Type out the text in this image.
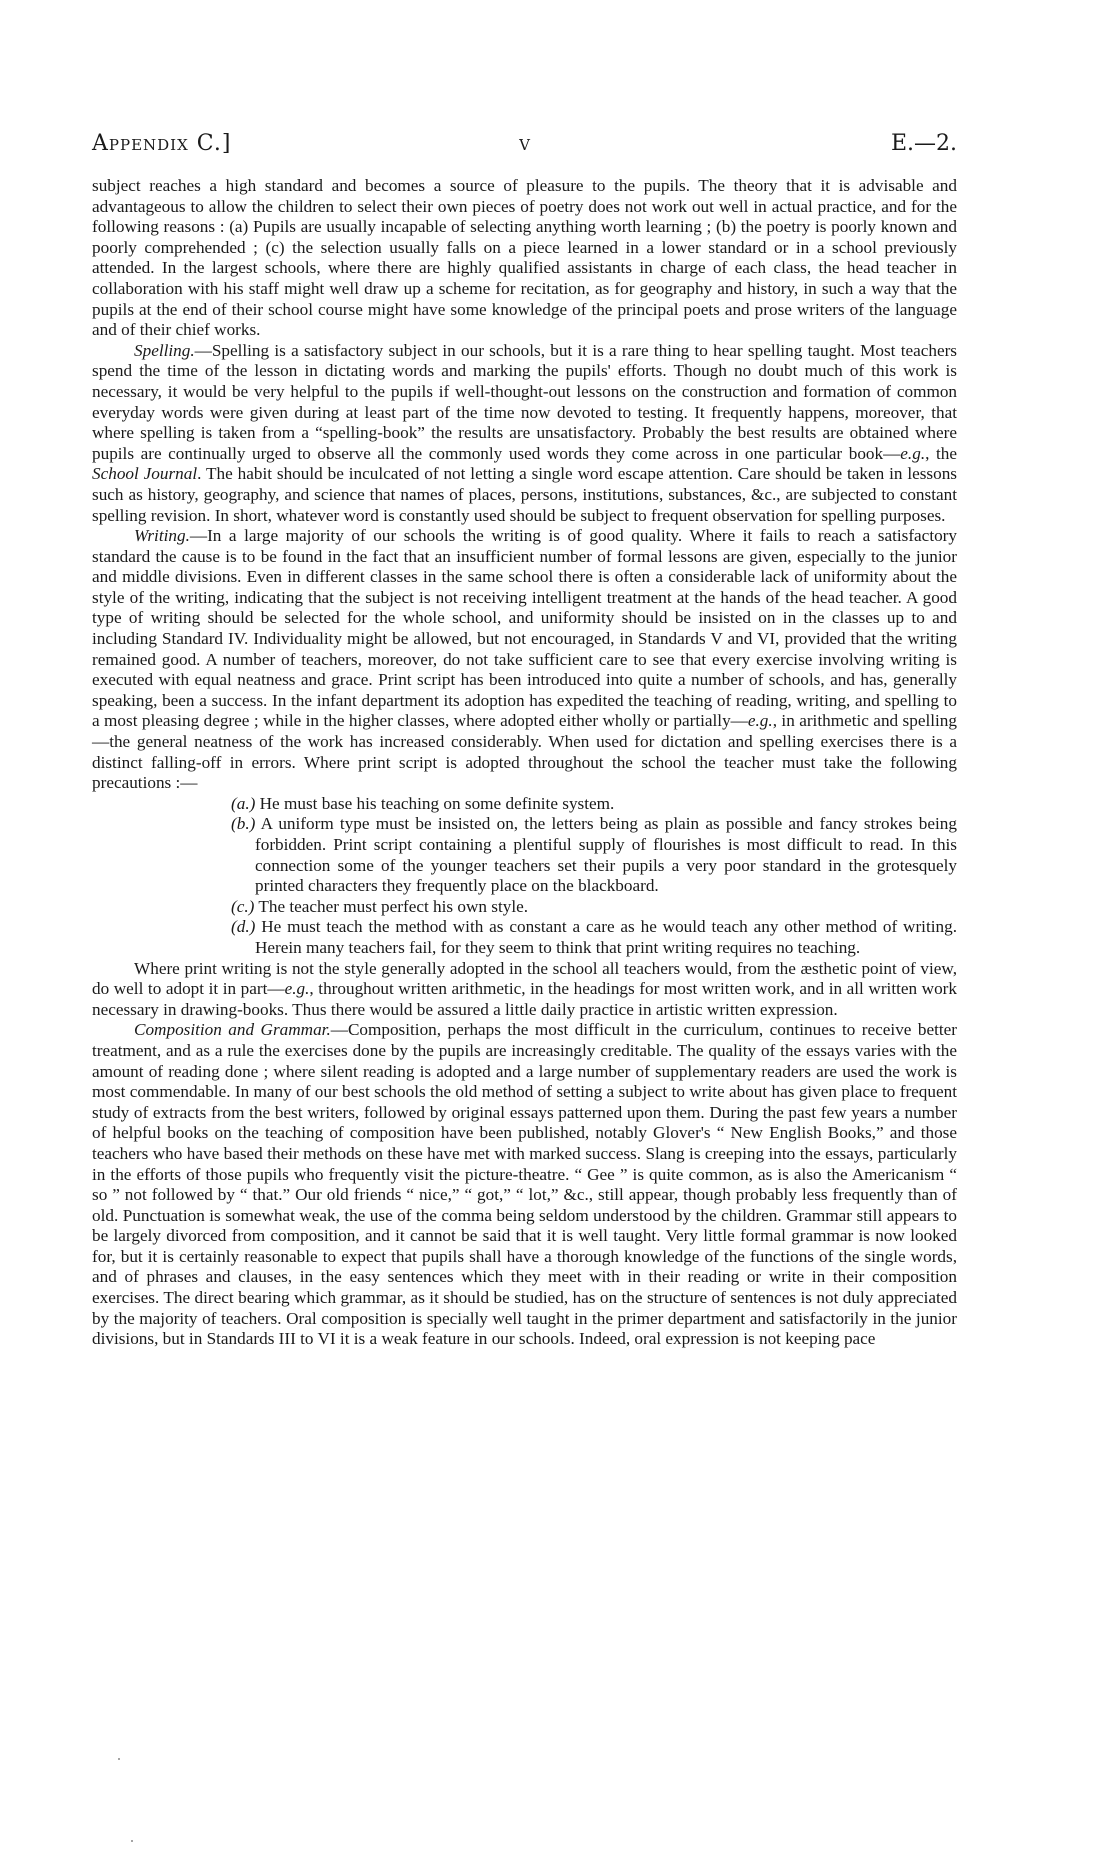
Appendix C.]	v	E.—2.

subject reaches a high standard and becomes a source of pleasure to the pupils. The theory that it is advisable and advantageous to allow the children to select their own pieces of poetry does not work out well in actual practice, and for the following reasons : (a) Pupils are usually incapable of selecting anything worth learning ; (b) the poetry is poorly known and poorly comprehended ; (c) the selection usually falls on a piece learned in a lower standard or in a school previously attended. In the largest schools, where there are highly qualified assistants in charge of each class, the head teacher in collaboration with his staff might well draw up a scheme for recitation, as for geography and history, in such a way that the pupils at the end of their school course might have some knowledge of the principal poets and prose writers of the language and of their chief works.

Spelling.—Spelling is a satisfactory subject in our schools, but it is a rare thing to hear spelling taught. Most teachers spend the time of the lesson in dictating words and marking the pupils' efforts. Though no doubt much of this work is necessary, it would be very helpful to the pupils if well-thought-out lessons on the construction and formation of common everyday words were given during at least part of the time now devoted to testing. It frequently happens, moreover, that where spelling is taken from a “spelling-book” the results are unsatisfactory. Probably the best results are obtained where pupils are continually urged to observe all the commonly used words they come across in one particular book—e.g., the School Journal. The habit should be inculcated of not letting a single word escape attention. Care should be taken in lessons such as history, geography, and science that names of places, persons, institutions, substances, &c., are subjected to constant spelling revision. In short, whatever word is constantly used should be subject to frequent observation for spelling purposes.

Writing.—In a large majority of our schools the writing is of good quality. Where it fails to reach a satisfactory standard the cause is to be found in the fact that an insufficient number of formal lessons are given, especially to the junior and middle divisions. Even in different classes in the same school there is often a considerable lack of uniformity about the style of the writing, indicating that the subject is not receiving intelligent treatment at the hands of the head teacher. A good type of writing should be selected for the whole school, and uniformity should be insisted on in the classes up to and including Standard IV. Individuality might be allowed, but not encouraged, in Standards V and VI, provided that the writing remained good. A number of teachers, moreover, do not take sufficient care to see that every exercise involving writing is executed with equal neatness and grace. Print script has been introduced into quite a number of schools, and has, generally speaking, been a success. In the infant department its adoption has expedited the teaching of reading, writing, and spelling to a most pleasing degree ; while in the higher classes, where adopted either wholly or partially—e.g., in arithmetic and spelling—the general neatness of the work has increased considerably. When used for dictation and spelling exercises there is a distinct falling-off in errors. Where print script is adopted throughout the school the teacher must take the following precautions :—

(a.) He must base his teaching on some definite system.
(b.) A uniform type must be insisted on, the letters being as plain as possible and fancy strokes being forbidden. Print script containing a plentiful supply of flourishes is most difficult to read. In this connection some of the younger teachers set their pupils a very poor standard in the grotesquely printed characters they frequently place on the blackboard.
(c.) The teacher must perfect his own style.
(d.) He must teach the method with as constant a care as he would teach any other method of writing. Herein many teachers fail, for they seem to think that print writing requires no teaching.

Where print writing is not the style generally adopted in the school all teachers would, from the æsthetic point of view, do well to adopt it in part—e.g., throughout written arithmetic, in the headings for most written work, and in all written work necessary in drawing-books. Thus there would be assured a little daily practice in artistic written expression.

Composition and Grammar.—Composition, perhaps the most difficult in the curriculum, continues to receive better treatment, and as a rule the exercises done by the pupils are increasingly creditable. The quality of the essays varies with the amount of reading done ; where silent reading is adopted and a large number of supplementary readers are used the work is most commendable. In many of our best schools the old method of setting a subject to write about has given place to frequent study of extracts from the best writers, followed by original essays patterned upon them. During the past few years a number of helpful books on the teaching of composition have been published, notably Glover's “ New English Books,” and those teachers who have based their methods on these have met with marked success. Slang is creeping into the essays, particularly in the efforts of those pupils who frequently visit the picture-theatre. “ Gee ” is quite common, as is also the Americanism “ so ” not followed by “ that.” Our old friends “ nice,” “ got,” “ lot,” &c., still appear, though probably less frequently than of old. Punctuation is somewhat weak, the use of the comma being seldom understood by the children. Grammar still appears to be largely divorced from composition, and it cannot be said that it is well taught. Very little formal grammar is now looked for, but it is certainly reasonable to expect that pupils shall have a thorough knowledge of the functions of the single words, and of phrases and clauses, in the easy sentences which they meet with in their reading or write in their composition exercises. The direct bearing which grammar, as it should be studied, has on the structure of sentences is not duly appreciated by the majority of teachers. Oral composition is specially well taught in the primer department and satisfactorily in the junior divisions, but in Standards III to VI it is a weak feature in our schools. Indeed, oral expression is not keeping pace
